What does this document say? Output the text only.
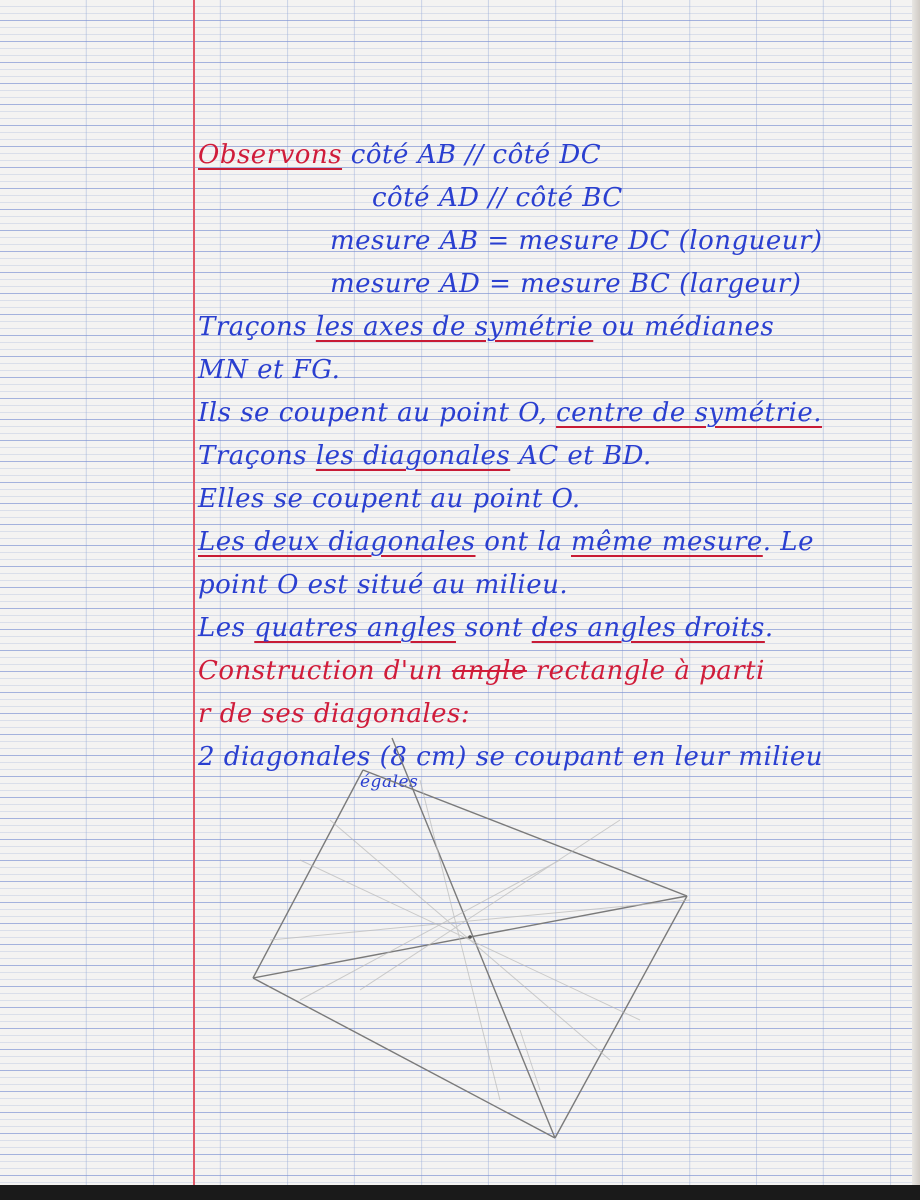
Observons côté AB // côté DC
côté AD // côté BC
mesure AB = mesure DC (longueur)
mesure AD = mesure BC (largeur)
Traçons les axes de symétrie ou médianes
MN et FG.
Ils se coupent au point O, centre de symétrie.
Traçons les diagonales AC et BD.
Elles se coupent au point O.
Les deux diagonales ont la même mesure. Le
point O est situé au milieu.
Les quatres angles sont des angles droits.
Construction d'un angle rectangle à parti
r de ses diagonales:
2 diagonales (8 cm) se coupant en leur milieu
égales
